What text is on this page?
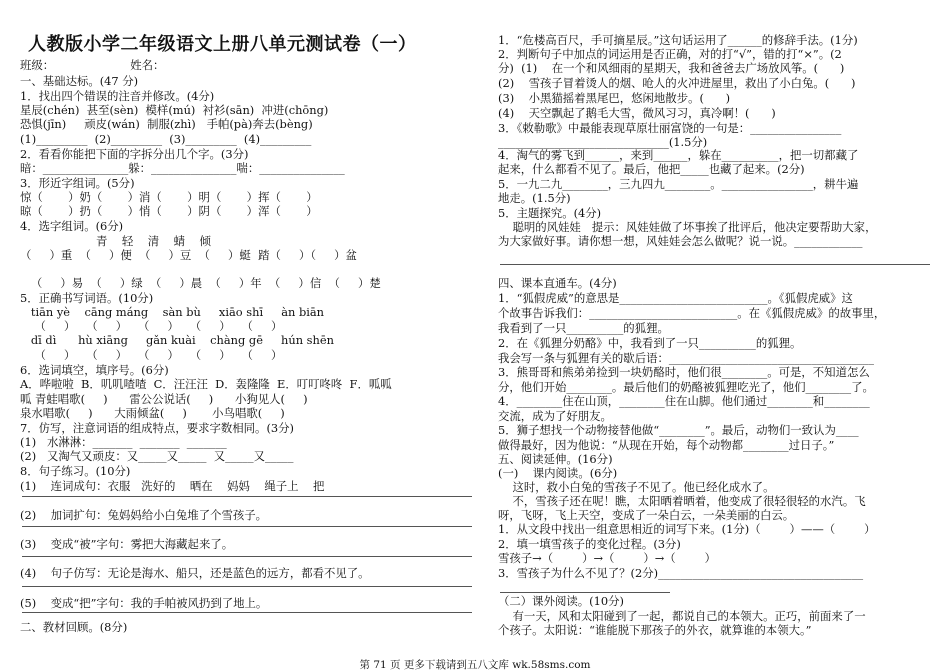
人教版小学二年级语文上册八单元测试卷（一）
班级：                     姓名：
一、基础达标。(47 分)
1．找出四个错误的注音并修改。(4分)
星辰(chén)  甚至(sèn)  模样(mú)  衬衫(sān)  冲进(chōng)
恐惧(jīn)     顽皮(wán)  制服(zhì)   手帕(pà)奔去(bèng)
(1)_________  (2)_________  (3)_________  (4)_________
2．看看你能把下面的字拆分出几个字。(3分)
暗：_______________躲：_______________喘：_______________
3．形近字组词。(5分)
惊（       ）奶（       ）消（       ）明（       ）挥（       ）
晾（       ）扔（       ）悄（       ）阴（       ）浑（       ）
4．选字组词。(6分)
青    轻    清    蜻    倾
（     ）重  （     ）便  （     ）豆  （     ）蜓  踏（     ）（     ）盆
（     ）易  （     ）绿  （     ）晨  （     ）年  （     ）信  （     ）楚
5．正确书写词语。(10分)
tiān yè    cāng máng    sàn bù     xiāo shī     àn biān
（     ）   （     ）   （     ）   （     ）   （     ）
dī dì      hù xiāng     gǎn kuài    chàng gē     hún shēn
（     ）   （     ）   （     ）   （     ）   （     ）
6．选词填空，填序号。(6分)
A．哗啦啦  B．叽叽喳喳  C．汪汪汪  D．轰隆隆  E．叮叮咚咚  F．呱呱
呱 青蛙唱歌(     )      雷公公说话(     )      小狗见人(     )
泉水唱歌(     )      大雨倾盆(     )       小鸟唱歌(     )
7．仿写，注意词语的组成特点，要求字数相同。(3分)
(1)   水淋淋：_______  _______  _______
(2)   又淘气又顽皮：又_____又_____  又_____又_____
8．句子练习。(10分)
(1)    连词成句：衣服   洗好的    晒在    妈妈    绳子上    把
(2)    加词扩句：兔妈妈给小白兔堆了个雪孩子。
(3)    变成“被”字句：雾把大海藏起来了。
(4)    句子仿写：无论是海水、船只，还是蓝色的远方，都看不见了。
(5)    变成“把”字句：我的手帕被风扔到了地上。
二、教材回顾。(8分)
1．“危楼高百尺，手可摘星辰。”这句话运用了______的修辞手法。(1分)
2．判断句子中加点的词运用是否正确，对的打“√”，错的打“×”。(2
分)  (1)    在一个和风细雨的星期天，我和爸爸去广场放风筝。(      )
(2)    雪孩子冒着烫人的烟、呛人的火冲进屋里，救出了小白兔。(      )
(3)    小黑猫摇着黑尾巴，悠闲地散步。(      )
(4)    天空飘起了鹅毛大雪，微风习习，真冷啊！(      )
3．《敕勒歌》中最能表现草原壮丽富饶的一句是：________________
______________________________(1.5分)
4．淘气的雾飞到______，来到______，躲在__________，把一切都藏了
起来，什么都看不见了。最后，他把_____也藏了起来。(2分)
5．一九二九________，三九四九________。________________，耕牛遍
地走。(1.5分)
5．主题探究。(4分)
聪明的风娃娃   提示：风娃娃做了坏事挨了批评后，他决定要帮助大家，
为大家做好事。请你想一想，风娃娃会怎么做呢？说一说。____________
四、课本直通车。(4分)
1．“狐假虎威”的意思是__________________________。《狐假虎威》这
个故事告诉我们：__________________________。在《狐假虎威》的故事里，
我看到了一只__________的狐狸。
2．在《狐狸分奶酪》中，我看到了一只__________的狐狸。
我会写一条与狐狸有关的歇后语：____________________________________
3．熊哥哥和熊弟弟捡到一块奶酪时，他们很________。可是，不知道怎么
分，他们开始________。最后他们的奶酪被狐狸吃光了，他们________了。
4．________住在山顶，________住在山脚。他们通过________和________
交流，成为了好朋友。
5．狮子想找一个动物接替他做“________”。最后，动物们一致认为____
做得最好，因为他说：“从现在开始，每个动物都________过日子。”
五、阅读延伸。(16分)
(一)    课内阅读。(6分)
这时，救小白兔的雪孩子不见了。他已经化成水了。
不，雪孩子还在呢！瞧，太阳晒着晒着，他变成了很轻很轻的水汽。飞
呀，飞呀，飞上天空，变成了一朵白云，一朵美丽的白云。
1．从文段中找出一组意思相近的词写下来。(1分)（        ）——（        ）
2．填一填雪孩子的变化过程。(3分)
雪孩子→（        ）→（        ）→（        ）
3．雪孩子为什么不见了？(2分)____________________________________
（二）课外阅读。(10分)
有一天，风和太阳碰到了一起，都说自己的本领大。正巧，前面来了一
个孩子。太阳说：“谁能脱下那孩子的外衣，就算谁的本领大。”
第 71 页 更多下载请到五八文库 wk.58sms.com
